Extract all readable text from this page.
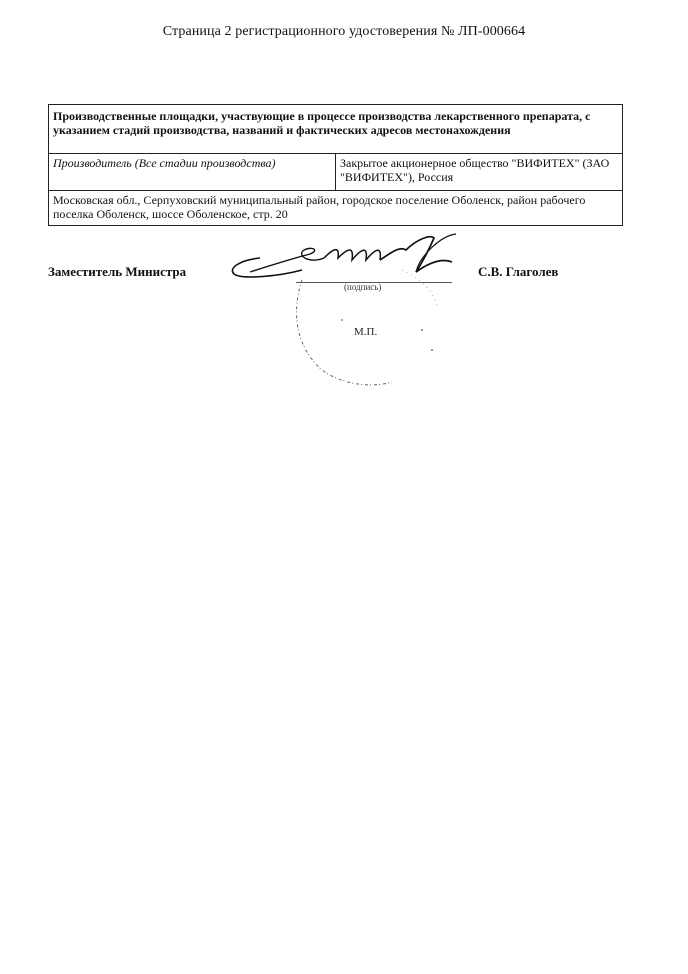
Страница 2 регистрационного удостоверения № ЛП-000664
Производственные площадки, участвующие в процессе производства лекарственного препарата, с указанием стадий производства, названий и фактических адресов местонахождения
Производитель (Все стадии производства)	Закрытое акционерное общество "ВИФИТЕХ" (ЗАО "ВИФИТЕХ"), Россия
Московская обл., Серпуховский муниципальный район, городское поселение Оболенск, район рабочего поселка Оболенск, шоссе Оболенское, стр. 20
Заместитель Министра	С.В. Глаголев
(подпись)
М.П.
